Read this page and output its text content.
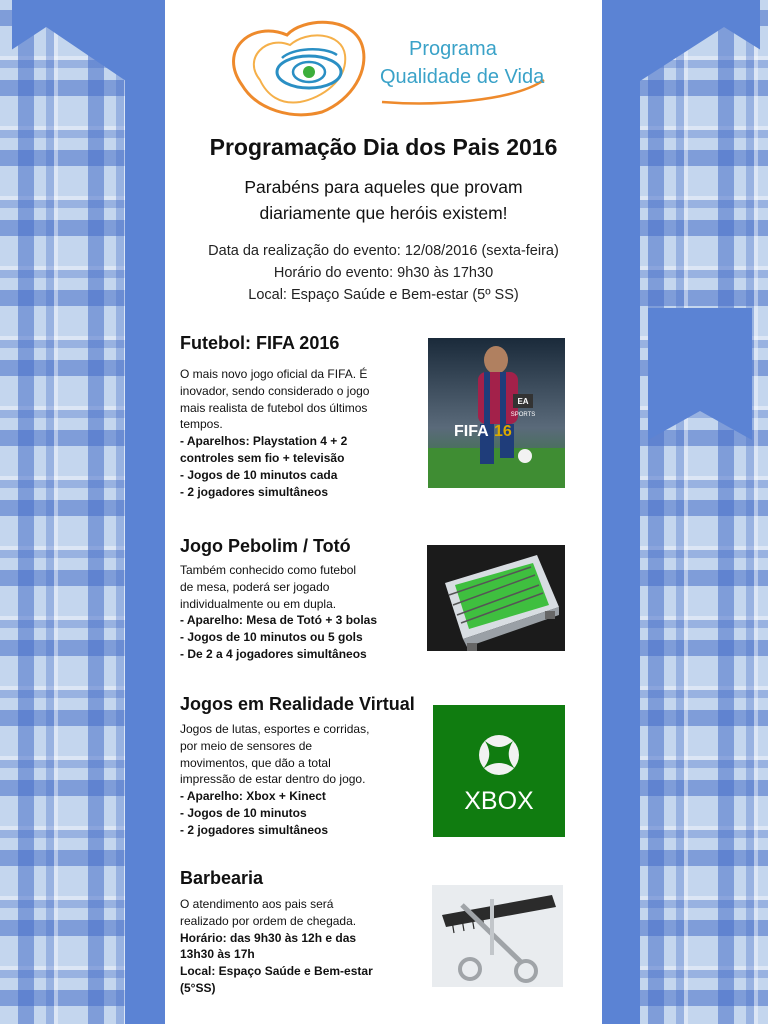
Programa
Qualidade de Vida
Programação Dia dos Pais 2016
Parabéns para aqueles que provam
diariamente que heróis existem!
Data da realização do evento: 12/08/2016 (sexta-feira)
Horário do evento: 9h30 às 17h30
Local: Espaço Saúde e Bem-estar (5º SS)
Futebol: FIFA 2016
O mais novo jogo oficial da FIFA. É
inovador, sendo considerado o jogo
mais realista de futebol dos últimos
tempos.
- Aparelhos: Playstation 4 + 2
controles sem fio + televisão
- Jogos de 10 minutos cada
- 2 jogadores simultâneos
EA
SPORTS
FIFA 16
Jogo Pebolim / Totó
Também conhecido como futebol
de mesa, poderá ser jogado
individualmente ou em dupla.
- Aparelho: Mesa de Totó + 3 bolas
- Jogos de 10 minutos ou 5 gols
- De 2 a 4 jogadores simultâneos
Jogos em Realidade Virtual
Jogos de lutas, esportes e corridas,
por meio de sensores de
movimentos, que dão a total
impressão de estar dentro do jogo.
- Aparelho: Xbox + Kinect
- Jogos de 10 minutos
- 2 jogadores simultâneos
XBOX
Barbearia
O atendimento aos pais será
realizado por ordem de chegada.
Horário: das 9h30 às 12h e das
13h30 às 17h
Local: Espaço Saúde e Bem-estar
(5°SS)
